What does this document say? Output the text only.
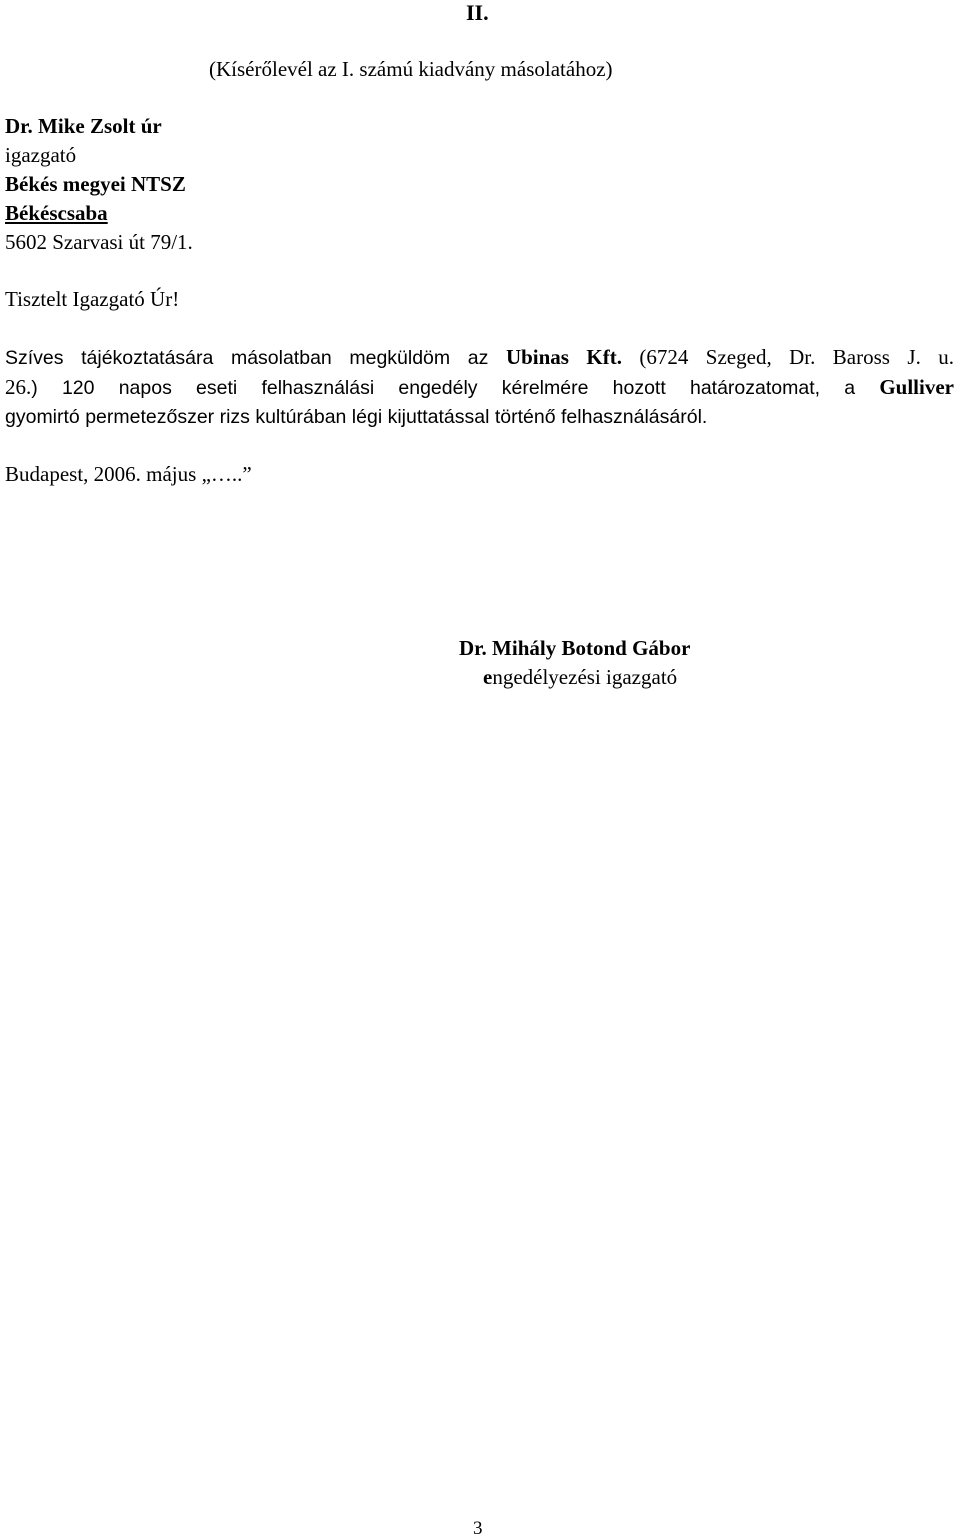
II.
(Kísérőlevél az I. számú kiadvány másolatához)
Dr. Mike Zsolt úr
igazgató
Békés megyei NTSZ
Békéscsaba
5602 Szarvasi út 79/1.
Tisztelt Igazgató Úr!
Szíves tájékoztatására másolatban megküldöm az Ubinas Kft. (6724 Szeged, Dr. Baross J. u.
26.) 120 napos eseti felhasználási engedély kérelmére hozott határozatomat, a Gulliver
gyomirtó permetezőszer rizs kultúrában légi kijuttatással történő felhasználásáról.
Budapest, 2006. május „…..”
Dr. Mihály Botond Gábor
engedélyezési igazgató
3
